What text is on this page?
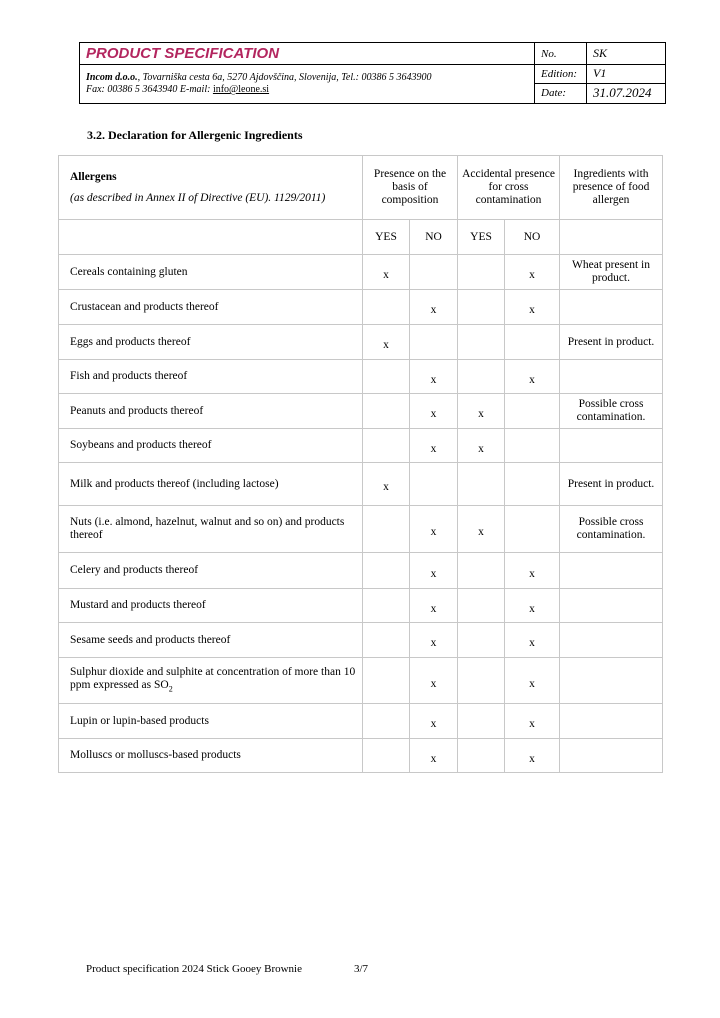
PRODUCT SPECIFICATION	No.	SK
Incom d.o.o., Tovarniška cesta 6a, 5270 Ajdovščina, Slovenija, Tel.: 00386 5 3643900
Fax: 00386 5 3643940 E-mail: info@leone.si	Edition:	V1
	Date:	31.07.2024
3.2. Declaration for Allergenic Ingredients
Allergens
(as described in Annex II of Directive (EU). 1129/2011)	Presence on the basis of composition		Accidental presence for cross contamination		Ingredients with presence of food allergen
	YES	NO	YES	NO	
Cereals containing gluten	x			x	Wheat present in product.
Crustacean and products thereof		x		x	
Eggs and products thereof	x				Present in product.
Fish and products thereof		x		x	
Peanuts and products thereof		x	x		Possible cross contamination.
Soybeans and products thereof		x	x		
Milk and products thereof (including lactose)	x				Present in product.
Nuts (i.e. almond, hazelnut, walnut and so on) and products thereof		x	x		Possible cross contamination.
Celery and products thereof		x		x	
Mustard and products thereof		x		x	
Sesame seeds and products thereof		x		x	
Sulphur dioxide and sulphite at concentration of more than 10 ppm expressed as $SO_2$		x		x	
Lupin or lupin-based products		x		x	
Molluscs or molluscs-based products		x		x	
Product specification 2024 Stick Gooey Brownie	3/7
